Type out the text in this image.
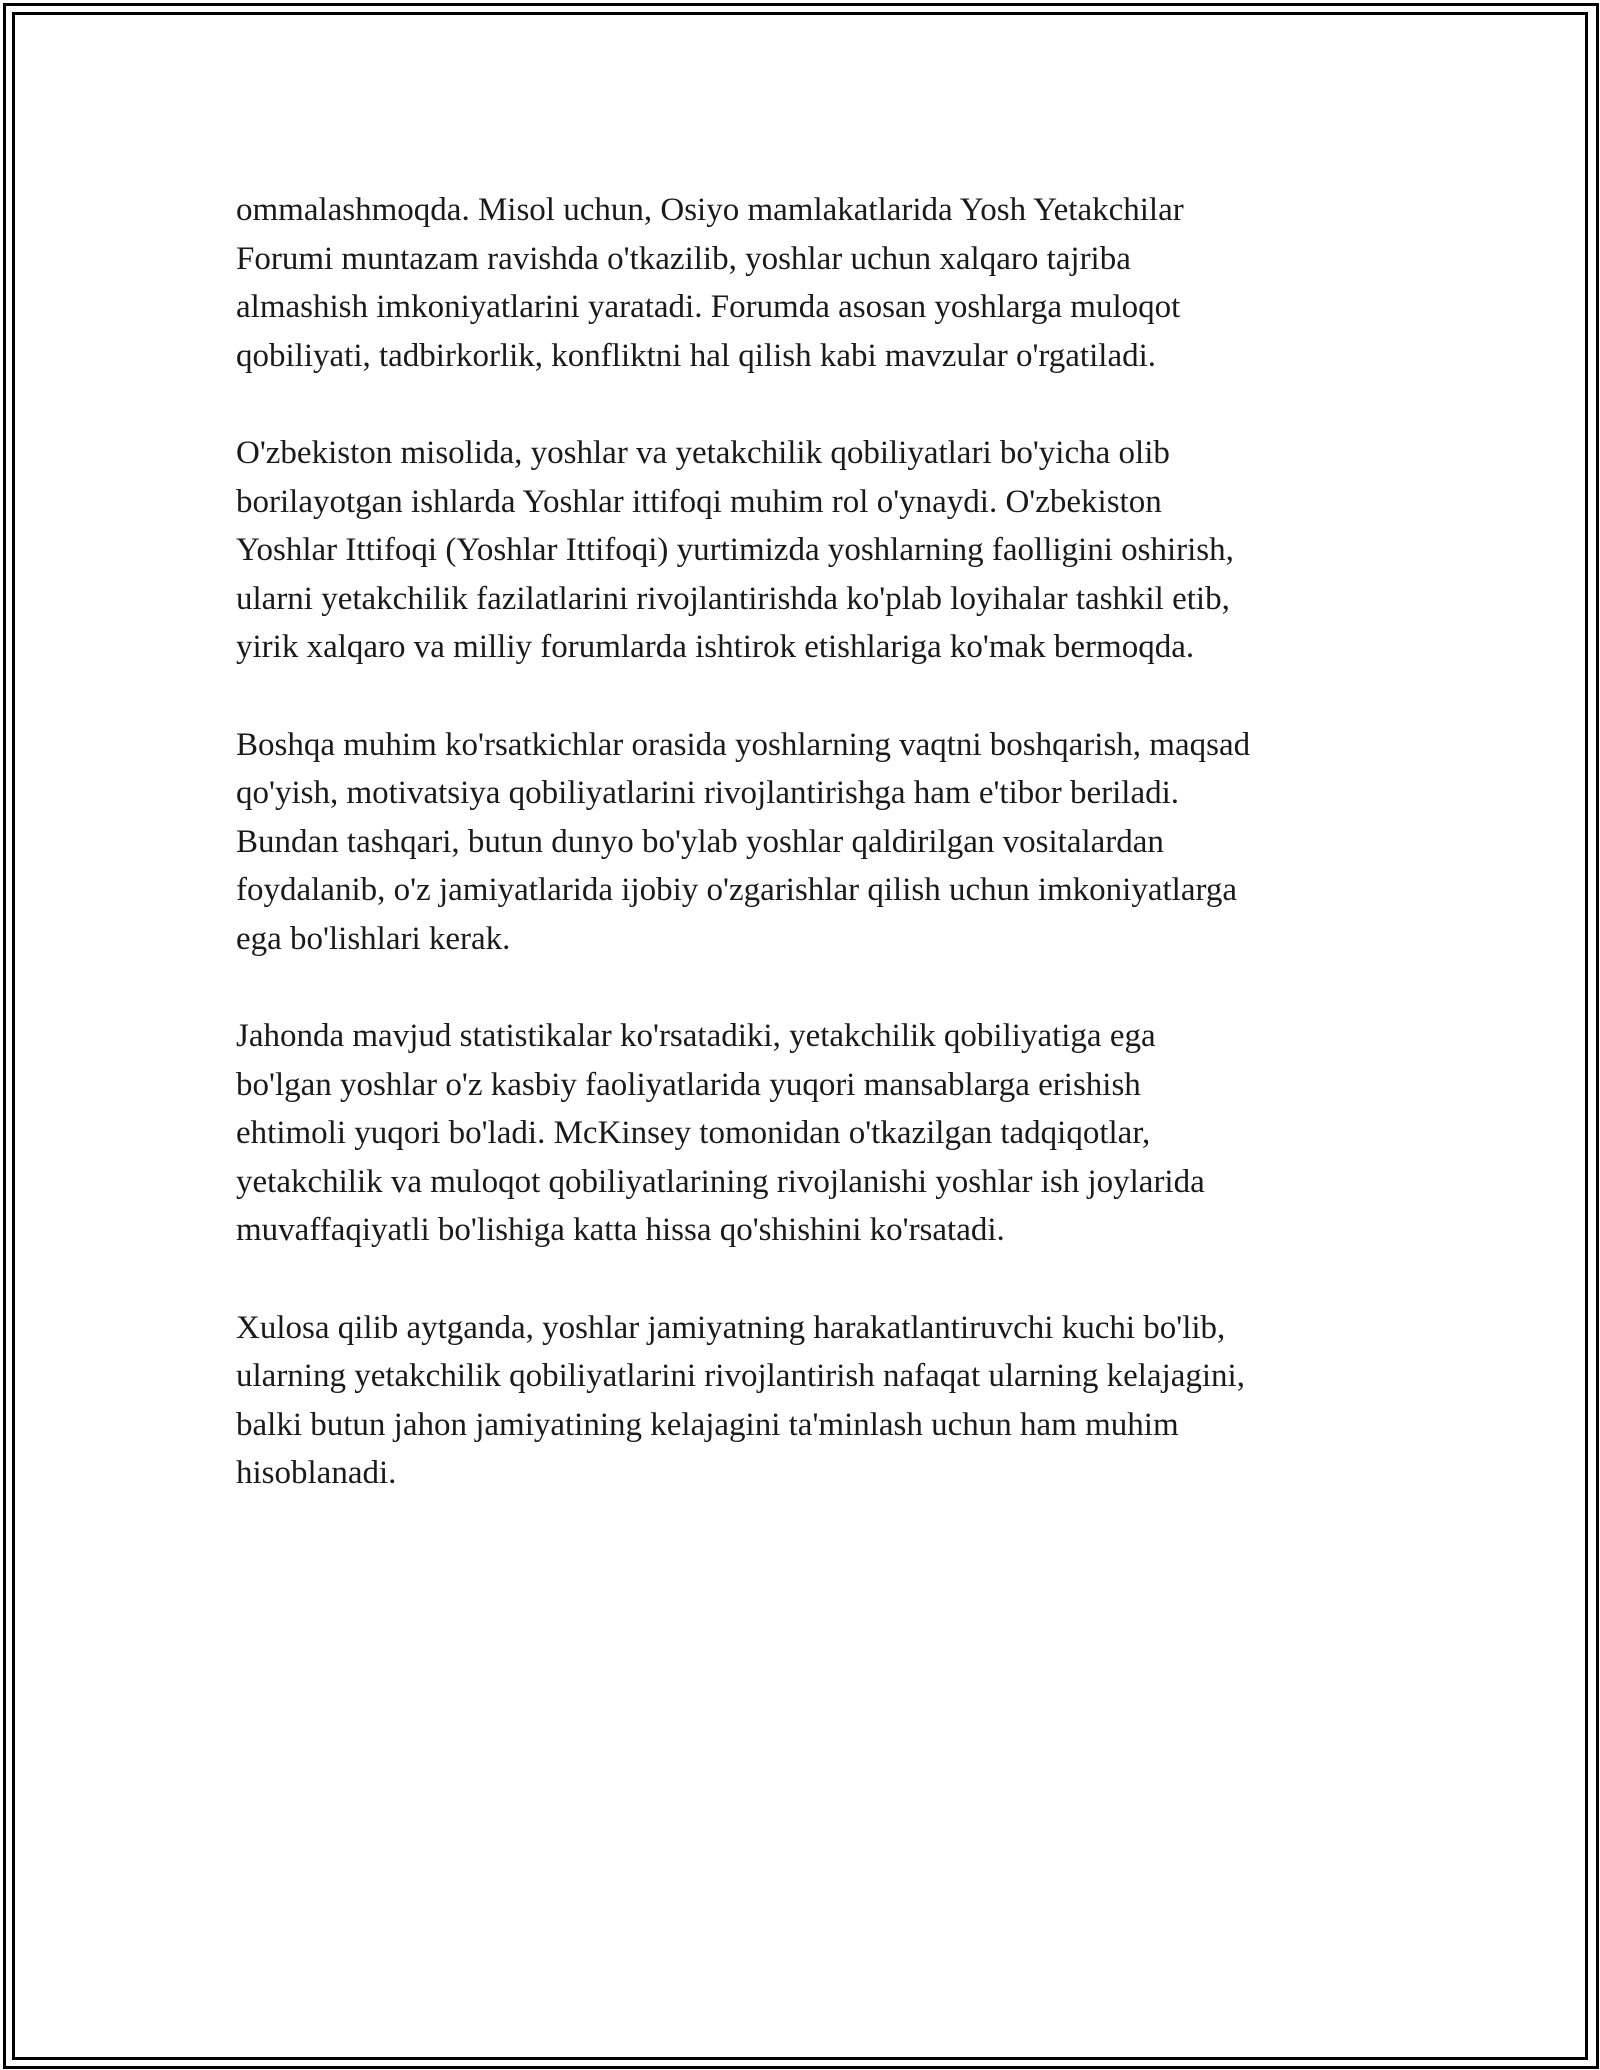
ommalashmoqda. Misol uchun, Osiyo mamlakatlarida Yosh Yetakchilar
Forumi muntazam ravishda o'tkazilib, yoshlar uchun xalqaro tajriba
almashish imkoniyatlarini yaratadi. Forumda asosan yoshlarga muloqot
qobiliyati, tadbirkorlik, konfliktni hal qilish kabi mavzular o'rgatiladi.

O'zbekiston misolida, yoshlar va yetakchilik qobiliyatlari bo'yicha olib
borilayotgan ishlarda Yoshlar ittifoqi muhim rol o'ynaydi. O'zbekiston
Yoshlar Ittifoqi (Yoshlar Ittifoqi) yurtimizda yoshlarning faolligini oshirish,
ularni yetakchilik fazilatlarini rivojlantirishda ko'plab loyihalar tashkil etib,
yirik xalqaro va milliy forumlarda ishtirok etishlariga ko'mak bermoqda.

Boshqa muhim ko'rsatkichlar orasida yoshlarning vaqtni boshqarish, maqsad
qo'yish, motivatsiya qobiliyatlarini rivojlantirishga ham e'tibor beriladi.
Bundan tashqari, butun dunyo bo'ylab yoshlar qaldirilgan vositalardan
foydalanib, o'z jamiyatlarida ijobiy o'zgarishlar qilish uchun imkoniyatlarga
ega bo'lishlari kerak.

Jahonda mavjud statistikalar ko'rsatadiki, yetakchilik qobiliyatiga ega
bo'lgan yoshlar o'z kasbiy faoliyatlarida yuqori mansablarga erishish
ehtimoli yuqori bo'ladi. McKinsey tomonidan o'tkazilgan tadqiqotlar,
yetakchilik va muloqot qobiliyatlarining rivojlanishi yoshlar ish joylarida
muvaffaqiyatli bo'lishiga katta hissa qo'shishini ko'rsatadi.

Xulosa qilib aytganda, yoshlar jamiyatning harakatlantiruvchi kuchi bo'lib,
ularning yetakchilik qobiliyatlarini rivojlantirish nafaqat ularning kelajagini,
balki butun jahon jamiyatining kelajagini ta'minlash uchun ham muhim
hisoblanadi.
